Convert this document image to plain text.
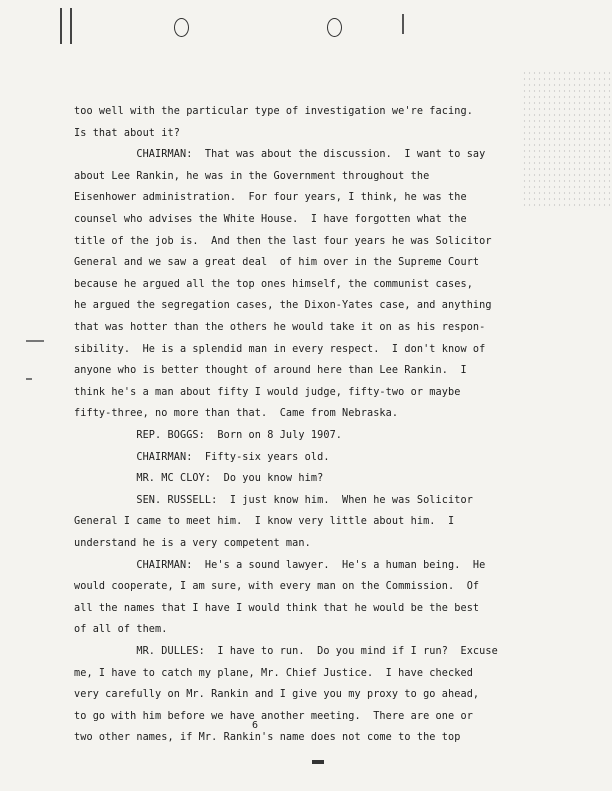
too well with the particular type of investigation we're facing.
Is that about it?
CHAIRMAN:  That was about the discussion.  I want to say
about Lee Rankin, he was in the Government throughout the
Eisenhower administration.  For four years, I think, he was the
counsel who advises the White House.  I have forgotten what the
title of the job is.  And then the last four years he was Solicitor
General and we saw a great deal  of him over in the Supreme Court
because he argued all the top ones himself, the communist cases,
he argued the segregation cases, the Dixon-Yates case, and anything
that was hotter than the others he would take it on as his respon-
sibility.  He is a splendid man in every respect.  I don't know of
anyone who is better thought of around here than Lee Rankin.  I
think he's a man about fifty I would judge, fifty-two or maybe
fifty-three, no more than that.  Came from Nebraska.
REP. BOGGS:  Born on 8 July 1907.
CHAIRMAN:  Fifty-six years old.
MR. MC CLOY:  Do you know him?
SEN. RUSSELL:  I just know him.  When he was Solicitor
General I came to meet him.  I know very little about him.  I
understand he is a very competent man.
CHAIRMAN:  He's a sound lawyer.  He's a human being.  He
would cooperate, I am sure, with every man on the Commission.  Of
all the names that I have I would think that he would be the best
of all of them.
MR. DULLES:  I have to run.  Do you mind if I run?  Excuse
me, I have to catch my plane, Mr. Chief Justice.  I have checked
very carefully on Mr. Rankin and I give you my proxy to go ahead,
to go with him before we have another meeting.  There are one or
two other names, if Mr. Rankin's name does not come to the top
6
